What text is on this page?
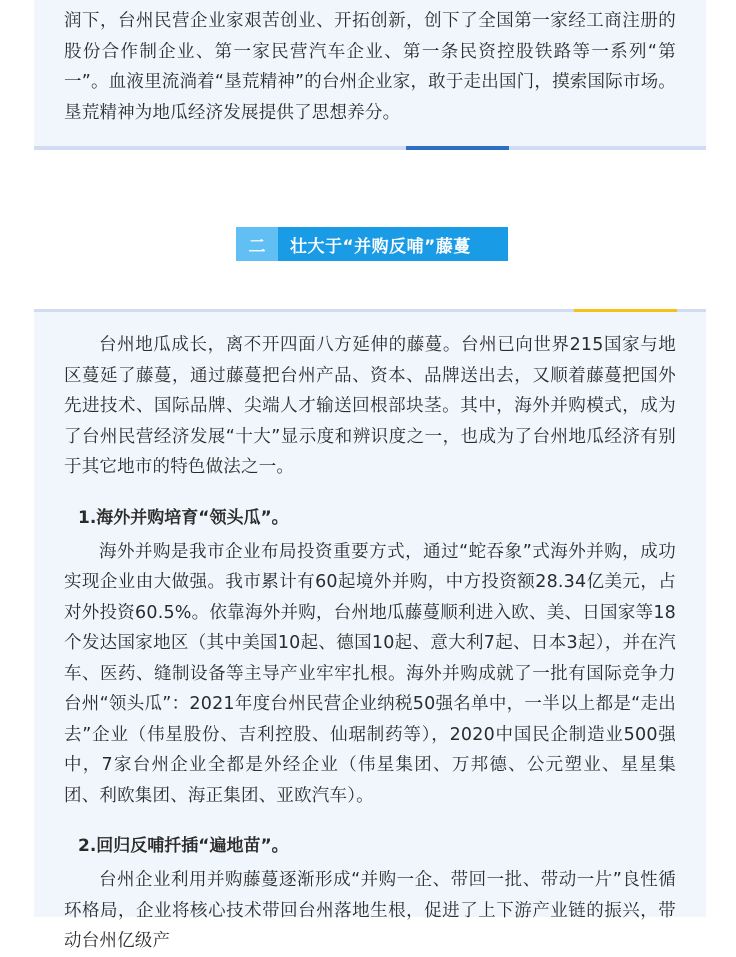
润下，台州民营企业家艰苦创业、开拓创新，创下了全国第一家经工商注册的股份合作制企业、第一家民营汽车企业、第一条民资控股铁路等一系列“第一”。血液里流淌着“垦荒精神”的台州企业家，敢于走出国门，摸索国际市场。垦荒精神为地瓜经济发展提供了思想养分。

二	壮大于“并购反哺”藤蔓

台州地瓜成长，离不开四面八方延伸的藤蔓。台州已向世界215国家与地区蔓延了藤蔓，通过藤蔓把台州产品、资本、品牌送出去，又顺着藤蔓把国外先进技术、国际品牌、尖端人才输送回根部块茎。其中，海外并购模式，成为了台州民营经济发展“十大”显示度和辨识度之一，也成为了台州地瓜经济有别于其它地市的特色做法之一。

1.海外并购培育“领头瓜”。

海外并购是我市企业布局投资重要方式，通过“蛇吞象”式海外并购，成功实现企业由大做强。我市累计有60起境外并购，中方投资额28.34亿美元，占对外投资60.5%。依靠海外并购，台州地瓜藤蔓顺利进入欧、美、日国家等18个发达国家地区（其中美国10起、德国10起、意大利7起、日本3起），并在汽车、医药、缝制设备等主导产业牢牢扎根。海外并购成就了一批有国际竞争力台州“领头瓜”：2021年度台州民营企业纳税50强名单中，一半以上都是“走出去”企业（伟星股份、吉利控股、仙琚制药等），2020中国民企制造业500强中，7家台州企业全都是外经企业（伟星集团、万邦德、公元塑业、星星集团、利欧集团、海正集团、亚欧汽车）。

2.回归反哺扦插“遍地苗”。

台州企业利用并购藤蔓逐渐形成“并购一企、带回一批、带动一片”良性循环格局，企业将核心技术带回台州落地生根，促进了上下游产业链的振兴，带动台州亿级产
